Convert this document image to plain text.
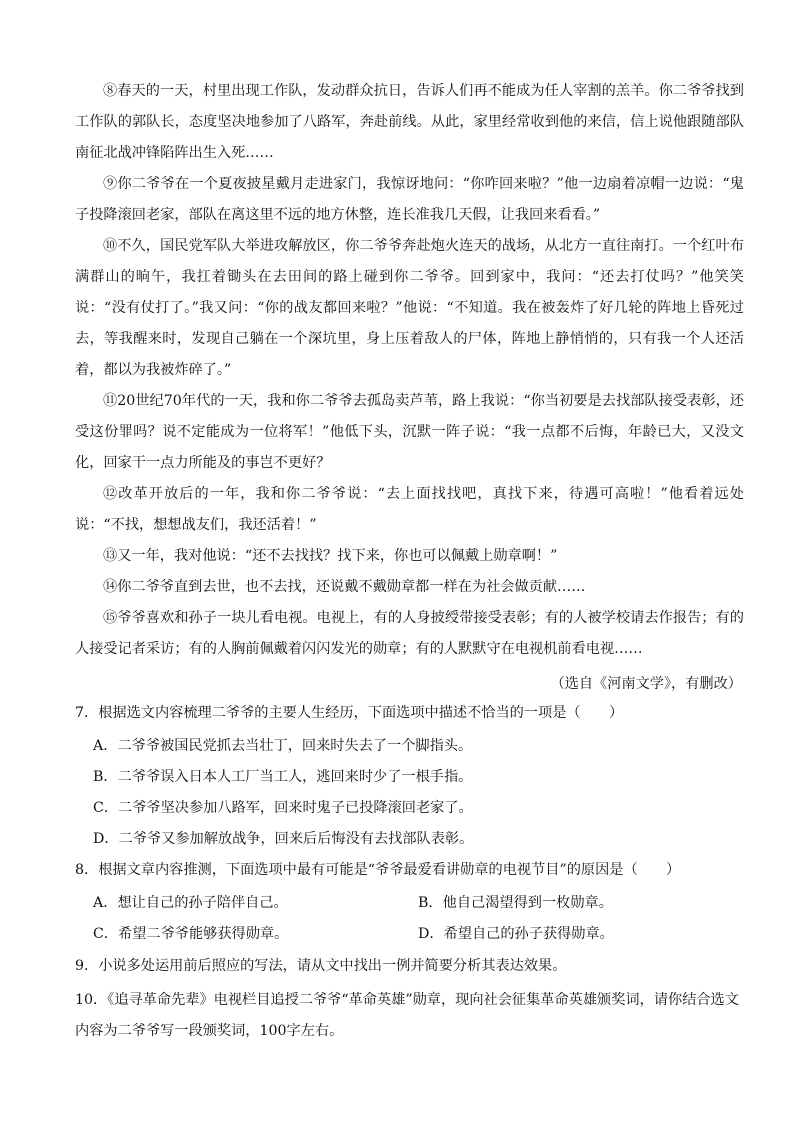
⑧春天的一天，村里出现工作队，发动群众抗日，告诉人们再不能成为任人宰割的羔羊。你二爷爷找到工作队的郭队长，态度坚决地参加了八路军，奔赴前线。从此，家里经常收到他的来信，信上说他跟随部队南征北战冲锋陷阵出生入死……

⑨你二爷爷在一个夏夜披星戴月走进家门，我惊讶地问：“你咋回来啦？”他一边扇着凉帽一边说：“鬼子投降滚回老家，部队在离这里不远的地方休整，连长准我几天假，让我回来看看。”

⑩不久，国民党军队大举进攻解放区，你二爷爷奔赴炮火连天的战场，从北方一直往南打。一个红叶布满群山的晌午，我扛着锄头在去田间的路上碰到你二爷爷。回到家中，我问：“还去打仗吗？”他笑笑说：“没有仗打了。”我又问：“你的战友都回来啦？”他说：“不知道。我在被轰炸了好几轮的阵地上昏死过去，等我醒来时，发现自己躺在一个深坑里，身上压着敌人的尸体，阵地上静悄悄的，只有我一个人还活着，都以为我被炸碎了。”

⑪20世纪70年代的一天，我和你二爷爷去孤岛卖芦苇，路上我说：“你当初要是去找部队接受表彰，还受这份罪吗？说不定能成为一位将军！”他低下头，沉默一阵子说：“我一点都不后悔，年龄已大，又没文化，回家干一点力所能及的事岂不更好？

⑫改革开放后的一年，我和你二爷爷说：“去上面找找吧，真找下来，待遇可高啦！”他看着远处说：“不找，想想战友们，我还活着！”

⑬又一年，我对他说：“还不去找找？找下来，你也可以佩戴上勋章啊！”

⑭你二爷爷直到去世，也不去找，还说戴不戴勋章都一样在为社会做贡献……

⑮爷爷喜欢和孙子一块儿看电视。电视上，有的人身披绶带接受表彰；有的人被学校请去作报告；有的人接受记者采访；有的人胸前佩戴着闪闪发光的勋章；有的人默默守在电视机前看电视……

（选自《河南文学》，有删改）

7．根据选文内容梳理二爷爷的主要人生经历，下面选项中描述不恰当的一项是（　　）

A．二爷爷被国民党抓去当壮丁，回来时失去了一个脚指头。

B．二爷爷误入日本人工厂当工人，逃回来时少了一根手指。

C．二爷爷坚决参加八路军，回来时鬼子已投降滚回老家了。

D．二爷爷又参加解放战争，回来后后悔没有去找部队表彰。

8．根据文章内容推测，下面选项中最有可能是“爷爷最爱看讲勋章的电视节目”的原因是（　　）

A．想让自己的孙子陪伴自己。	B．他自己渴望得到一枚勋章。

C．希望二爷爷能够获得勋章。	D．希望自己的孙子获得勋章。

9．小说多处运用前后照应的写法，请从文中找出一例并简要分析其表达效果。

10．《追寻革命先辈》电视栏目追授二爷爷“革命英雄”勋章，现向社会征集革命英雄颁奖词，请你结合选文内容为二爷爷写一段颁奖词，100字左右。
